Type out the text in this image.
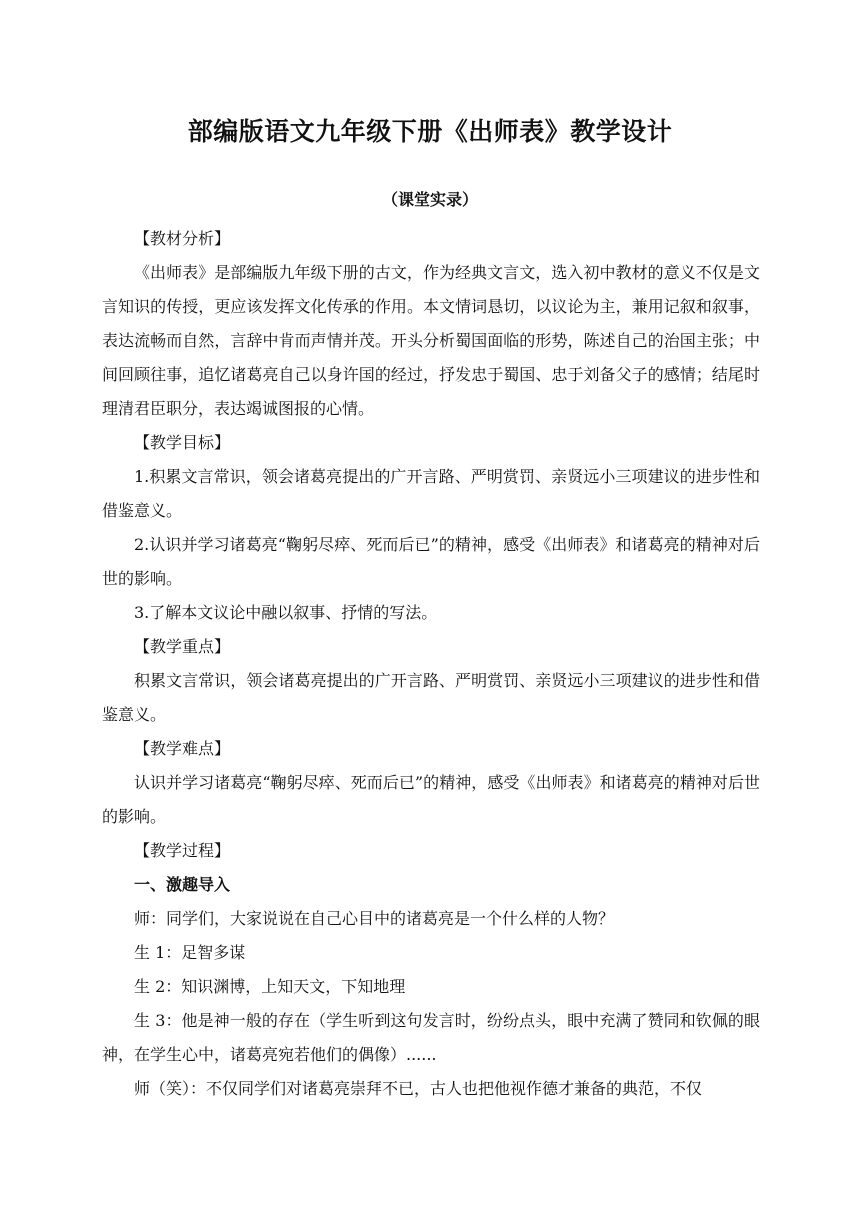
部编版语文九年级下册《出师表》教学设计
（课堂实录）

【教材分析】

《出师表》是部编版九年级下册的古文，作为经典文言文，选入初中教材的意义不仅是文言知识的传授，更应该发挥文化传承的作用。本文情词恳切，以议论为主，兼用记叙和叙事，表达流畅而自然，言辞中肯而声情并茂。开头分析蜀国面临的形势，陈述自己的治国主张；中间回顾往事，追忆诸葛亮自己以身许国的经过，抒发忠于蜀国、忠于刘备父子的感情；结尾时理清君臣职分，表达竭诚图报的心情。

【教学目标】

1.积累文言常识，领会诸葛亮提出的广开言路、严明赏罚、亲贤远小三项建议的进步性和借鉴意义。

2.认识并学习诸葛亮“鞠躬尽瘁、死而后已”的精神，感受《出师表》和诸葛亮的精神对后世的影响。

3.了解本文议论中融以叙事、抒情的写法。

【教学重点】

积累文言常识，领会诸葛亮提出的广开言路、严明赏罚、亲贤远小三项建议的进步性和借鉴意义。

【教学难点】

认识并学习诸葛亮“鞠躬尽瘁、死而后已”的精神，感受《出师表》和诸葛亮的精神对后世的影响。

【教学过程】

一、激趣导入

师：同学们，大家说说在自己心目中的诸葛亮是一个什么样的人物？

生 1：足智多谋

生 2：知识渊博，上知天文，下知地理

生 3：他是神一般的存在（学生听到这句发言时，纷纷点头，眼中充满了赞同和钦佩的眼神，在学生心中，诸葛亮宛若他们的偶像）......

师（笑）：不仅同学们对诸葛亮崇拜不已，古人也把他视作德才兼备的典范，不仅
